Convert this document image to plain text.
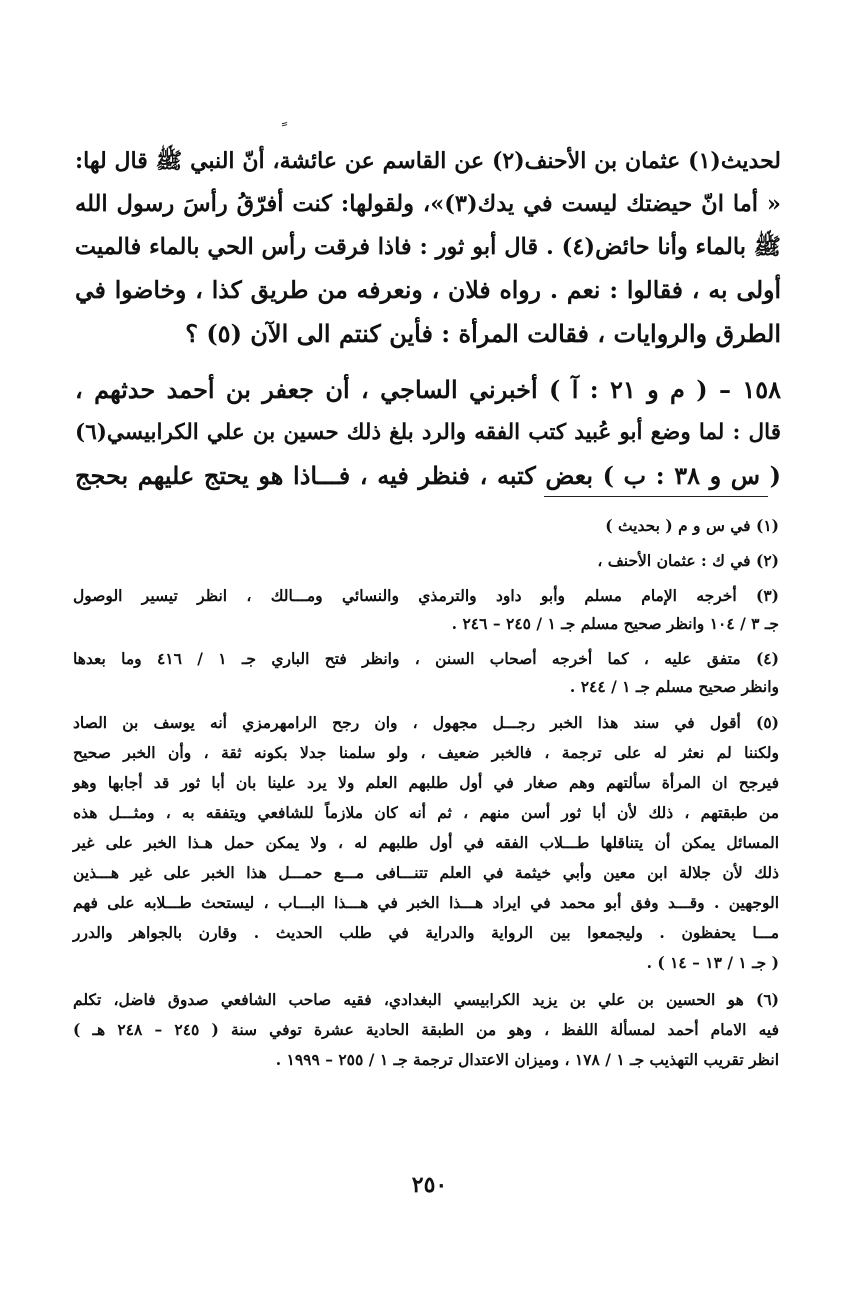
لحديث(١) عثمان بن الأحنف(٢) عن القاسم عن عائشة، أنّ النبي ﷺ قال لها:
« أما انّ حيضتك ليست في يدك(٣)»، ولقولها: كنت أفرّقُ رأسَ رسول الله
ﷺ بالماء وأنا حائض(٤) . قال أبو ثور : فاذا فرقت رأس الحي بالماء فالميت
أولى به ، فقالوا : نعم . رواه فلان ، ونعرفه من طريق كذا ، وخاضوا في
الطرق والروايات ، فقالت المرأة : فأين كنتم الى الآن (٥) ؟
١٥٨ – ( م و ٢١ : آ ) أخبرني الساجي ، أن جعفر بن أحمد حدثهم ،
قال : لما وضع أبو عُبيد كتب الفقه والرد بلغ ذلك حسين بن علي الكرابيسي(٦)
( س و ٣٨ : ب ) بعض كتبه ، فنظر فيه ، فـــاذا هو يحتج عليهم بحجج
(١) في س و م ( بحديث )
(٢) في ك : عثمان الأحنف ،
(٣) أخرجه الإمام مسلم وأبو داود والترمذي والنسائي ومـــالك ، انظر تيسير الوصول
جـ ٣ / ١٠٤ وانظر صحيح مسلم جـ ١ / ٢٤٥ – ٢٤٦ .
(٤) متفق عليه ، كما أخرجه أصحاب السنن ، وانظر فتح الباري جـ ١ / ٤١٦ وما بعدها
وانظر صحيح مسلم جـ ١ / ٢٤٤ .
(٥) أقول في سند هذا الخبر رجـــل مجهول ، وان رجح الرامهرمزي أنه يوسف بن الصاد
ولكننا لم نعثر له على ترجمة ، فالخبر ضعيف ، ولو سلمنا جدلا بكونه ثقة ، وأن الخبر صحيح
فيرجح ان المرأة سألتهم وهم صغار في أول طلبهم العلم ولا يرد علينا بان أبا ثور قد أجابها وهو
من طبقتهم ، ذلك لأن أبا ثور أسن منهم ، ثم أنه كان ملازماً للشافعي ويتفقه به ، ومثـــل هذه
المسائل يمكن أن يتناقلها طـــلاب الفقه في أول طلبهم له ، ولا يمكن حمل هـذا الخبر على غير
ذلك لأن جلالة ابن معين وأبي خيثمة في العلم تتنـــافى مـــع حمـــل هذا الخبر على غير هـــذين
الوجهين . وقـــد وفق أبو محمد في ايراد هـــذا الخبر في هـــذا البـــاب ، ليستحث طـــلابه على فهم
مـــا يحفظون . وليجمعوا بين الرواية والدراية في طلب الحديث . وقارن بالجواهر والدرر
( جـ ١ / ١٣ – ١٤ ) .
(٦) هو الحسين بن علي بن يزيد الكرابيسي البغدادي، فقيه صاحب الشافعي صدوق فاضل، تكلم
فيه الامام أحمد لمسألة اللفظ ، وهو من الطبقة الحادية عشرة توفي سنة ( ٢٤٥ – ٢٤٨ هـ )
انظر تقريب التهذيب جـ ١ / ١٧٨ ، وميزان الاعتدال ترجمة جـ ١ / ٢٥٥ – ١٩٩٩ .
٢٥٠
